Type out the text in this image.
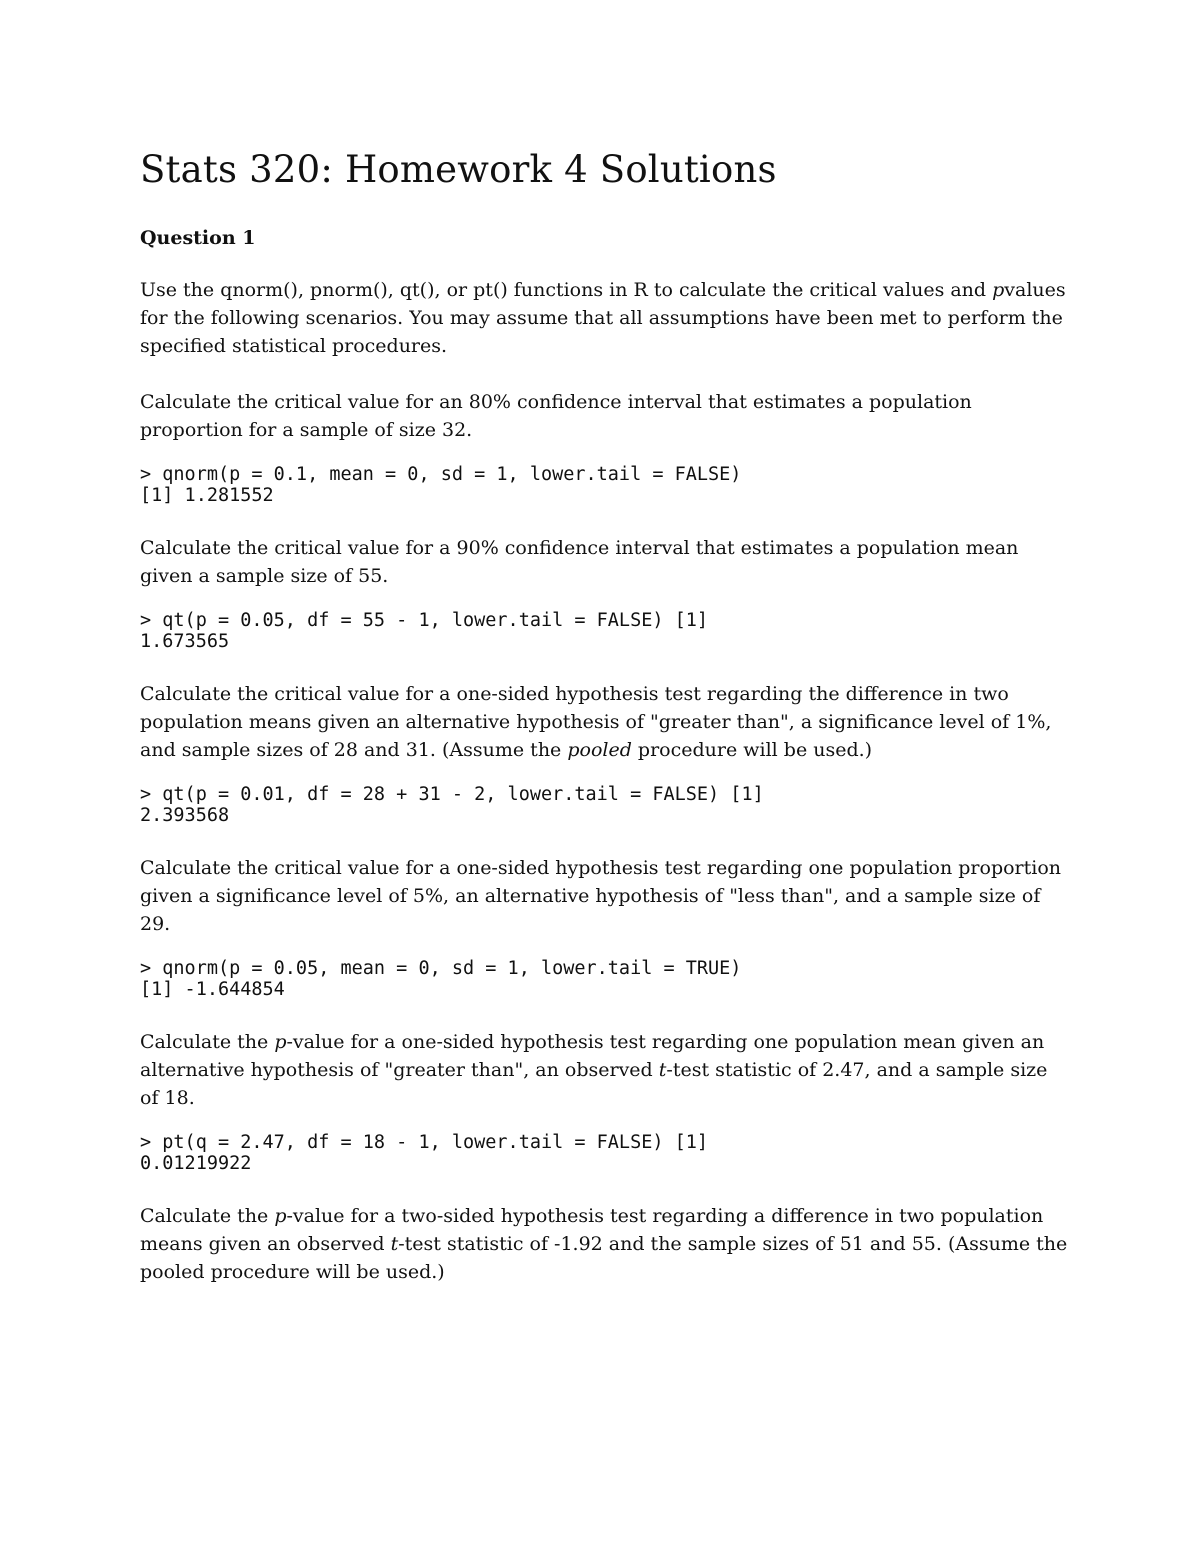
Stats 320: Homework 4 Solutions
Question 1

Use the qnorm(), pnorm(), qt(), or pt() functions in R to calculate the critical values and pvalues for the following scenarios. You may assume that all assumptions have been met to perform the specified statistical procedures.

Calculate the critical value for an 80% confidence interval that estimates a population proportion for a sample of size 32.

> qnorm(p = 0.1, mean = 0, sd = 1, lower.tail = FALSE)
[1] 1.281552

Calculate the critical value for a 90% confidence interval that estimates a population mean given a sample size of 55.

> qt(p = 0.05, df = 55 - 1, lower.tail = FALSE) [1]
1.673565

Calculate the critical value for a one-sided hypothesis test regarding the difference in two population means given an alternative hypothesis of "greater than", a significance level of 1%, and sample sizes of 28 and 31. (Assume the pooled procedure will be used.)

> qt(p = 0.01, df = 28 + 31 - 2, lower.tail = FALSE) [1]
2.393568

Calculate the critical value for a one-sided hypothesis test regarding one population proportion given a significance level of 5%, an alternative hypothesis of "less than", and a sample size of 29.

> qnorm(p = 0.05, mean = 0, sd = 1, lower.tail = TRUE)
[1] -1.644854

Calculate the p-value for a one-sided hypothesis test regarding one population mean given an alternative hypothesis of "greater than", an observed t-test statistic of 2.47, and a sample size of 18.

> pt(q = 2.47, df = 18 - 1, lower.tail = FALSE) [1]
0.01219922

Calculate the p-value for a two-sided hypothesis test regarding a difference in two population means given an observed t-test statistic of -1.92 and the sample sizes of 51 and 55. (Assume the pooled procedure will be used.)
